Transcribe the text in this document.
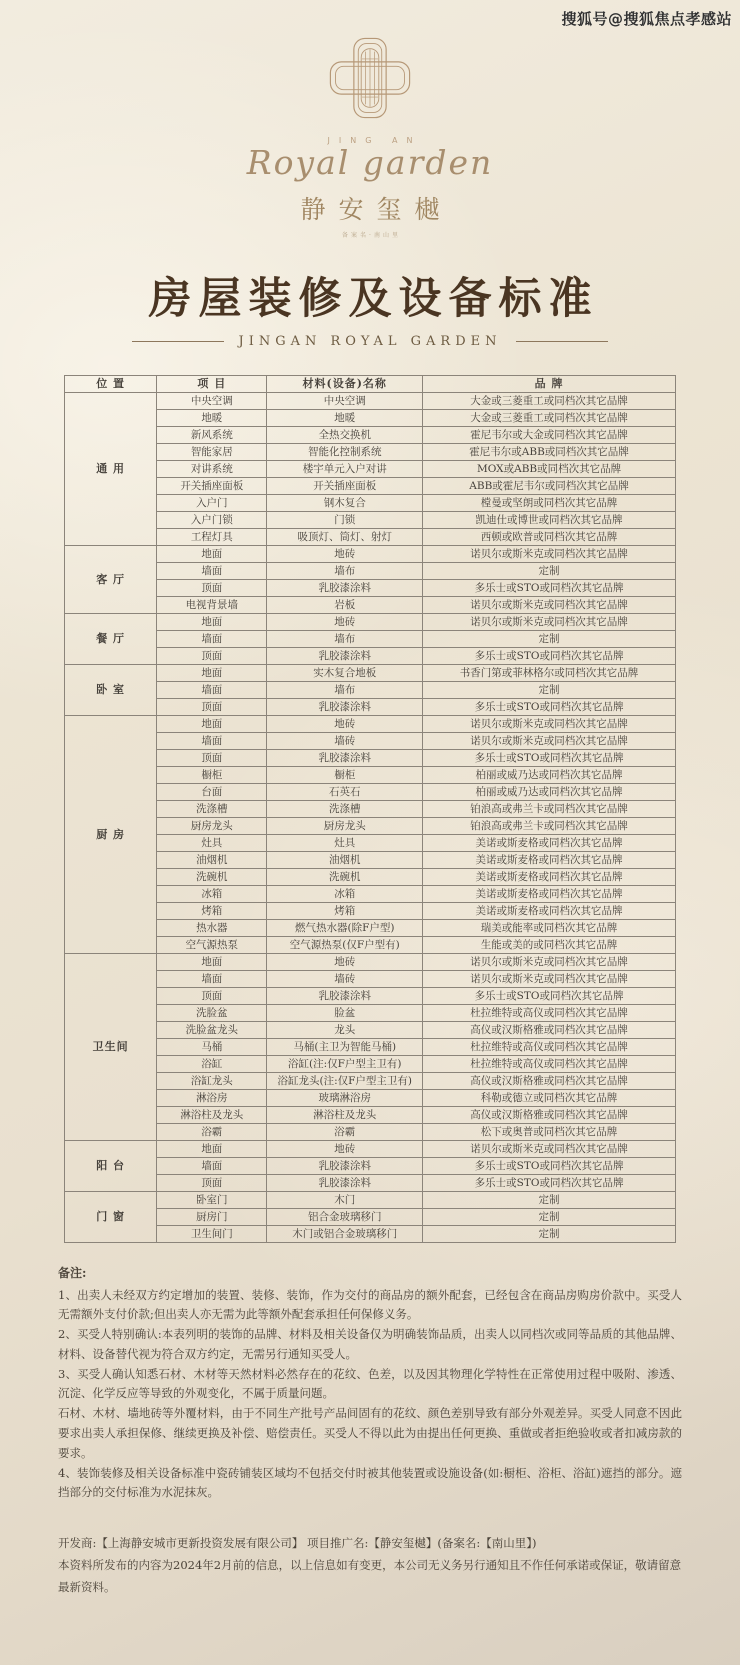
搜狐号@搜狐焦点孝感站
JING AN
Royal garden
静安玺樾
备案名·南山里
房屋装修及设备标准
JINGAN ROYAL GARDEN
位 置	项 目	材料(设备)名称	品 牌
通 用	中央空调	中央空调	大金或三菱重工或同档次其它品牌
	地暖	地暖	大金或三菱重工或同档次其它品牌
	新风系统	全热交换机	霍尼韦尔或大金或同档次其它品牌
	智能家居	智能化控制系统	霍尼韦尔或ABB或同档次其它品牌
	对讲系统	楼宇单元入户对讲	MOX或ABB或同档次其它品牌
	开关插座面板	开关插座面板	ABB或霍尼韦尔或同档次其它品牌
	入户门	钢木复合	樘曼或坚朗或同档次其它品牌
	入户门锁	门锁	凯迪仕或博世或同档次其它品牌
	工程灯具	吸顶灯、筒灯、射灯	西顿或欧普或同档次其它品牌
客 厅	地面	地砖	诺贝尔或斯米克或同档次其它品牌
	墙面	墙布	定制
	顶面	乳胶漆涂料	多乐士或STO或同档次其它品牌
	电视背景墙	岩板	诺贝尔或斯米克或同档次其它品牌
餐 厅	地面	地砖	诺贝尔或斯米克或同档次其它品牌
	墙面	墙布	定制
	顶面	乳胶漆涂料	多乐士或STO或同档次其它品牌
卧 室	地面	实木复合地板	书香门第或菲林格尔或同档次其它品牌
	墙面	墙布	定制
	顶面	乳胶漆涂料	多乐士或STO或同档次其它品牌
厨 房	地面	地砖	诺贝尔或斯米克或同档次其它品牌
	墙面	墙砖	诺贝尔或斯米克或同档次其它品牌
	顶面	乳胶漆涂料	多乐士或STO或同档次其它品牌
	橱柜	橱柜	柏丽或威乃达或同档次其它品牌
	台面	石英石	柏丽或威乃达或同档次其它品牌
	洗涤槽	洗涤槽	铂浪高或弗兰卡或同档次其它品牌
	厨房龙头	厨房龙头	铂浪高或弗兰卡或同档次其它品牌
	灶具	灶具	美诺或斯麦格或同档次其它品牌
	油烟机	油烟机	美诺或斯麦格或同档次其它品牌
	洗碗机	洗碗机	美诺或斯麦格或同档次其它品牌
	冰箱	冰箱	美诺或斯麦格或同档次其它品牌
	烤箱	烤箱	美诺或斯麦格或同档次其它品牌
	热水器	燃气热水器(除F户型)	瑞美或能率或同档次其它品牌
	空气源热泵	空气源热泵(仅F户型有)	生能或美的或同档次其它品牌
卫生间	地面	地砖	诺贝尔或斯米克或同档次其它品牌
	墙面	墙砖	诺贝尔或斯米克或同档次其它品牌
	顶面	乳胶漆涂料	多乐士或STO或同档次其它品牌
	洗脸盆	脸盆	杜拉维特或高仪或同档次其它品牌
	洗脸盆龙头	龙头	高仪或汉斯格雅或同档次其它品牌
	马桶	马桶(主卫为智能马桶)	杜拉维特或高仪或同档次其它品牌
	浴缸	浴缸(注:仅F户型主卫有)	杜拉维特或高仪或同档次其它品牌
	浴缸龙头	浴缸龙头(注:仅F户型主卫有)	高仪或汉斯格雅或同档次其它品牌
	淋浴房	玻璃淋浴房	科勒或德立或同档次其它品牌
	淋浴柱及龙头	淋浴柱及龙头	高仪或汉斯格雅或同档次其它品牌
	浴霸	浴霸	松下或奥普或同档次其它品牌
阳 台	地面	地砖	诺贝尔或斯米克或同档次其它品牌
	墙面	乳胶漆涂料	多乐士或STO或同档次其它品牌
	顶面	乳胶漆涂料	多乐士或STO或同档次其它品牌
门 窗	卧室门	木门	定制
	厨房门	铝合金玻璃移门	定制
	卫生间门	木门或铝合金玻璃移门	定制
备注:

1、出卖人未经双方约定增加的装置、装修、装饰，作为交付的商品房的额外配套，已经包含在商品房购房价款中。买受人无需额外支付价款;但出卖人亦无需为此等额外配套承担任何保修义务。

2、买受人特别确认:本表列明的装饰的品牌、材料及相关设备仅为明确装饰品质，出卖人以同档次或同等品质的其他品牌、材料、设备替代视为符合双方约定，无需另行通知买受人。

3、买受人确认知悉石材、木材等天然材料必然存在的花纹、色差，以及因其物理化学特性在正常使用过程中吸附、渗透、沉淀、化学反应等导致的外观变化，不属于质量问题。

石材、木材、墙地砖等外覆材料，由于不同生产批号产品间固有的花纹、颜色差别导致有部分外观差异。买受人同意不因此要求出卖人承担保修、继续更换及补偿、赔偿责任。买受人不得以此为由提出任何更换、重做或者拒绝验收或者扣减房款的要求。

4、装饰装修及相关设备标准中瓷砖铺装区域均不包括交付时被其他装置或设施设备(如:橱柜、浴柜、浴缸)遮挡的部分。遮挡部分的交付标准为水泥抹灰。

开发商:【上海静安城市更新投资发展有限公司】 项目推广名:【静安玺樾】(备案名:【南山里】)

本资料所发布的内容为2024年2月前的信息，以上信息如有变更，本公司无义务另行通知且不作任何承诺或保证，敬请留意最新资料。
